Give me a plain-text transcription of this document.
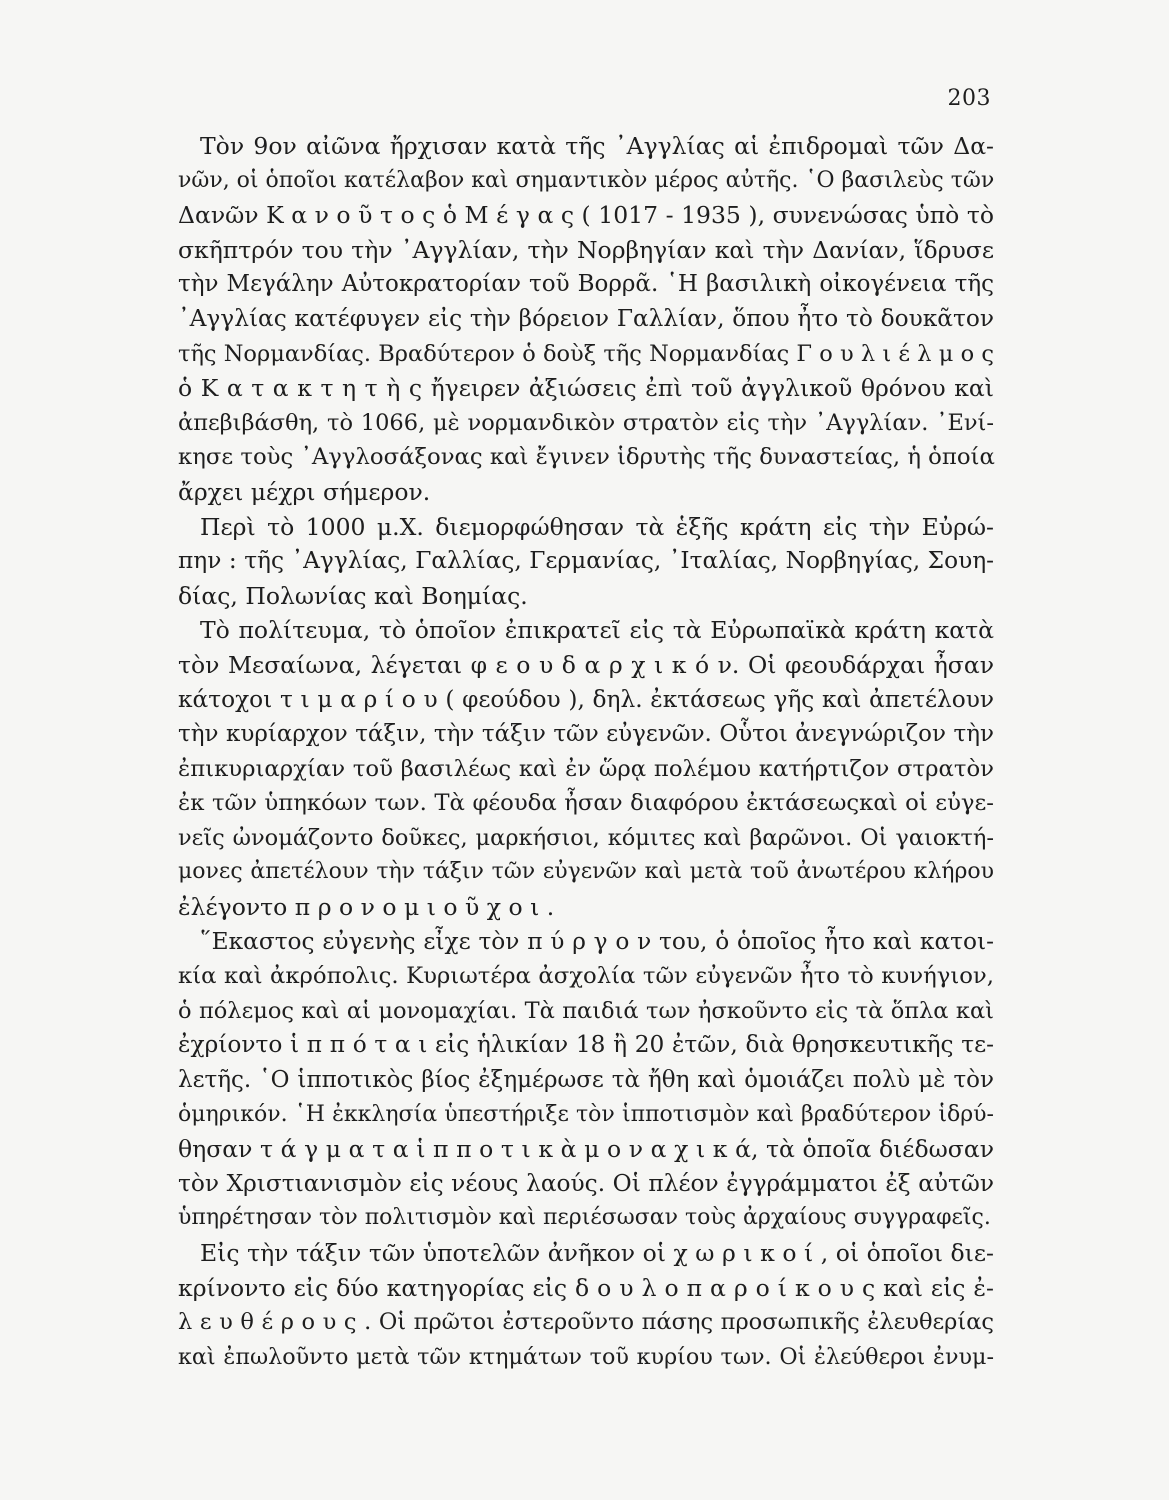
203
Τὸν 9ον αἰῶνα ἤρχισαν κατὰ τῆς ᾿Αγγλίας αἱ ἐπιδρομαὶ τῶν Δα-
νῶν, οἱ ὁποῖοι κατέλαβον καὶ σημαντικὸν μέρος αὐτῆς. ῾Ο βασιλεὺς τῶν
Δανῶν Κ α ν ο ῦ τ ο ς ὁ Μ έ γ α ς ( 1017 - 1935 ), συνενώσας ὑπὸ τὸ
σκῆπτρόν του τὴν ᾿Αγγλίαν, τὴν Νορβηγίαν καὶ τὴν Δανίαν, ἵδρυσε
τὴν Μεγάλην Αὐτοκρατορίαν τοῦ Βορρᾶ. ῾Η βασιλικὴ οἰκογένεια τῆς
᾿Αγγλίας κατέφυγεν εἰς τὴν βόρειον Γαλλίαν, ὅπου ἦτο τὸ δουκᾶτον
τῆς Νορμανδίας. Βραδύτερον ὁ δοὺξ τῆς Νορμανδίας Γ ο υ λ ι έ λ μ ο ς
ὁ Κ α τ α κ τ η τ ὴ ς ἤγειρεν ἀξιώσεις ἐπὶ τοῦ ἀγγλικοῦ θρόνου καὶ
ἀπεβιβάσθη, τὸ 1066, μὲ νορμανδικὸν στρατὸν εἰς τὴν ᾿Αγγλίαν. ᾿Ενί-
κησε τοὺς ᾿Αγγλοσάξονας καὶ ἔγινεν ἱδρυτὴς τῆς δυναστείας, ἡ ὁποία
ἄρχει μέχρι σήμερον.
Περὶ τὸ 1000 μ.Χ. διεμορφώθησαν τὰ ἑξῆς κράτη εἰς τὴν Εὐρώ-
πην : τῆς ᾿Αγγλίας, Γαλλίας, Γερμανίας, ᾿Ιταλίας, Νορβηγίας, Σουη-
δίας, Πολωνίας καὶ Βοημίας.
Τὸ πολίτευμα, τὸ ὁποῖον ἐπικρατεῖ εἰς τὰ Εὐρωπαϊκὰ κράτη κατὰ
τὸν Μεσαίωνα, λέγεται φ ε ο υ δ α ρ χ ι κ ό ν. Οἱ φεουδάρχαι ἦσαν
κάτοχοι τ ι μ α ρ ί ο υ ( φεούδου ), δηλ. ἐκτάσεως γῆς καὶ ἀπετέλουν
τὴν κυρίαρχον τάξιν, τὴν τάξιν τῶν εὐγενῶν. Οὗτοι ἀνεγνώριζον τὴν
ἐπικυριαρχίαν τοῦ βασιλέως καὶ ἐν ὥρᾳ πολέμου κατήρτιζον στρατὸν
ἐκ τῶν ὑπηκόων των. Τὰ φέουδα ἦσαν διαφόρου ἐκτάσεωςκαὶ οἱ εὐγε-
νεῖς ὠνομάζοντο δοῦκες, μαρκήσιοι, κόμιτες καὶ βαρῶνοι. Οἱ γαιοκτή-
μονες ἀπετέλουν τὴν τάξιν τῶν εὐγενῶν καὶ μετὰ τοῦ ἀνωτέρου κλήρου
ἐλέγοντο π ρ ο ν ο μ ι ο ῦ χ ο ι .
῞Εκαστος εὐγενὴς εἶχε τὸν π ύ ρ γ ο ν του, ὁ ὁποῖος ἦτο καὶ κατοι-
κία καὶ ἀκρόπολις. Κυριωτέρα ἀσχολία τῶν εὐγενῶν ἦτο τὸ κυνήγιον,
ὁ πόλεμος καὶ αἱ μονομαχίαι. Τὰ παιδιά των ἠσκοῦντο εἰς τὰ ὅπλα καὶ
ἐχρίοντο ἱ π π ό τ α ι εἰς ἡλικίαν 18 ἢ 20 ἐτῶν, διὰ θρησκευτικῆς τε-
λετῆς. ῾Ο ἱπποτικὸς βίος ἐξημέρωσε τὰ ἤθη καὶ ὁμοιάζει πολὺ μὲ τὸν
ὁμηρικόν. ῾Η ἐκκλησία ὑπεστήριξε τὸν ἱπποτισμὸν καὶ βραδύτερον ἱδρύ-
θησαν τ ά γ μ α τ α ἱ π π ο τ ι κ ὰ μ ο ν α χ ι κ ά, τὰ ὁποῖα διέδωσαν
τὸν Χριστιανισμὸν εἰς νέους λαούς. Οἱ πλέον ἐγγράμματοι ἐξ αὐτῶν
ὑπηρέτησαν τὸν πολιτισμὸν καὶ περιέσωσαν τοὺς ἀρχαίους συγγραφεῖς.
Εἰς τὴν τάξιν τῶν ὑποτελῶν ἀνῆκον οἱ χ ω ρ ι κ ο ί , οἱ ὁποῖοι διε-
κρίνοντο εἰς δύο κατηγορίας εἰς δ ο υ λ ο π α ρ ο ί κ ο υ ς καὶ εἰς ἐ-
λ ε υ θ έ ρ ο υ ς . Οἱ πρῶτοι ἐστεροῦντο πάσης προσωπικῆς ἐλευθερίας
καὶ ἐπωλοῦντο μετὰ τῶν κτημάτων τοῦ κυρίου των. Οἱ ἐλεύθεροι ἐνυμ-
